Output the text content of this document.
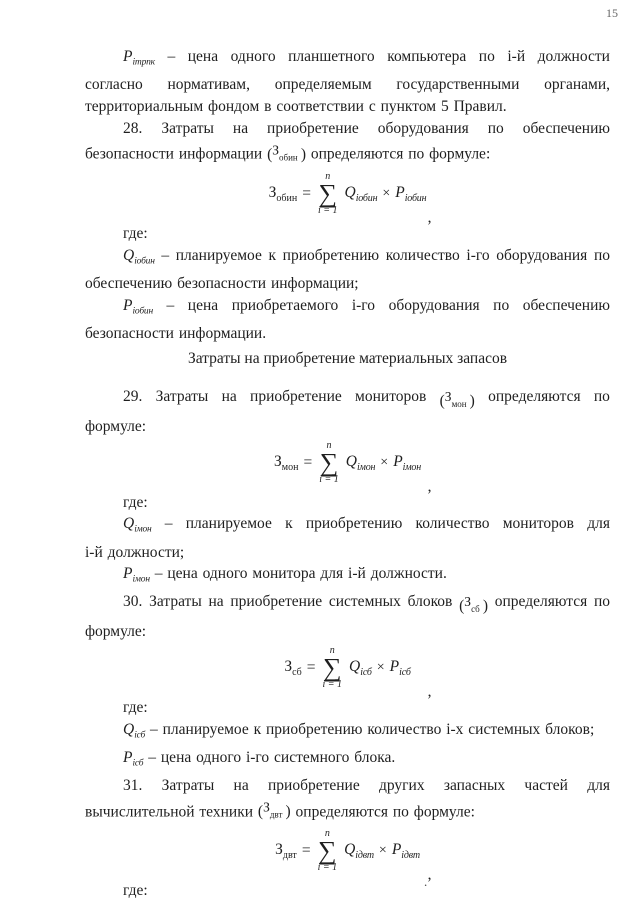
15
$P_{iтрпк}$ – цена одного планшетного компьютера по i-й должности
согласно нормативам, определяемым государственными органами,
территориальным фондом в соответствии с пунктом 5 Правил.
28. Затраты на приобретение оборудования по обеспечению
безопасности информации (Зобин ) определяются по формуле:
$З_{обин}$ =
n
∑
i = 1
$Q_{iобин} \times P_{iобин}$
,
где:
$Q_{iобин}$ – планируемое к приобретению количество i-го оборудования по
обеспечению безопасности информации;
$P_{iобин}$ – цена приобретаемого i-го оборудования по обеспечению
безопасности информации.
Затраты на приобретение материальных запасов
29. Затраты на приобретение мониторов (Змон ) определяются по
формуле:
$З_{мон}$ =
n
∑
i = 1
$Q_{iмон} \times P_{iмон}$
,
где:
$Q_{iмон}$ – планируемое к приобретению количество мониторов для
i-й должности;
$P_{iмон}$ – цена одного монитора для i-й должности.
30. Затраты на приобретение системных блоков (Зсб ) определяются по
формуле:
$З_{сб}$ =
n
∑
i = 1
$Q_{iсб} \times P_{iсб}$
,
где:
$Q_{iсб}$ – планируемое к приобретению количество i-х системных блоков;
$P_{iсб}$ – цена одного i-го системного блока.
31. Затраты на приобретение других запасных частей для
вычислительной техники (Здвт ) определяются по формуле:
$З_{двт}$ =
n
∑
i = 1
$Q_{iдвт} \times P_{iдвт}$
,
где:
.
